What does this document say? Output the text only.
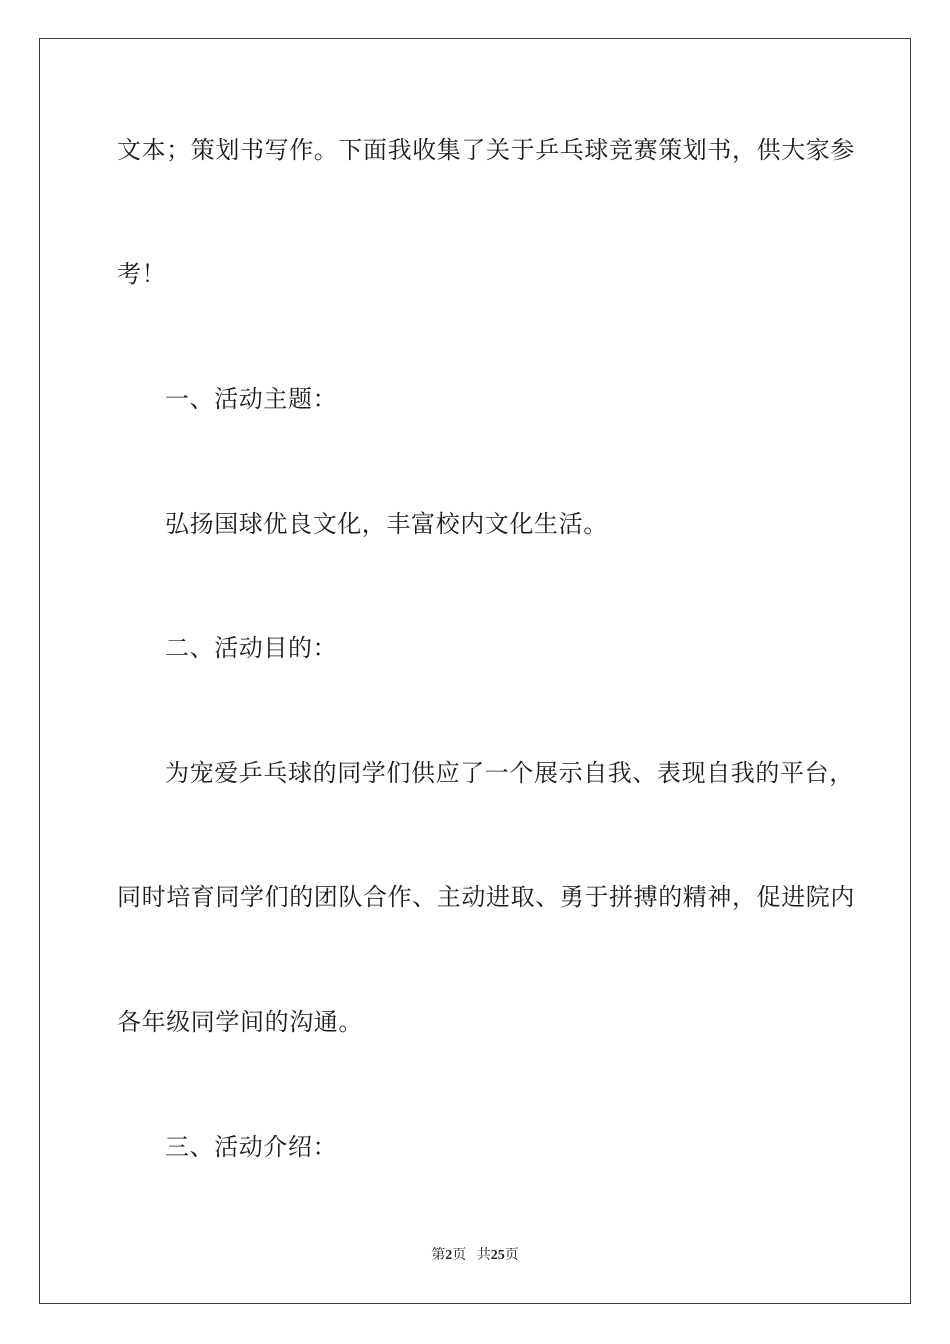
文本；策划书写作。下面我收集了关于乒乓球竞赛策划书，供大家参
考！
一、活动主题：
弘扬国球优良文化，丰富校内文化生活。
二、活动目的：
为宠爱乒乓球的同学们供应了一个展示自我、表现自我的平台，
同时培育同学们的团队合作、主动进取、勇于拼搏的精神，促进院内
各年级同学间的沟通。
三、活动介绍：
第2页 共25页
